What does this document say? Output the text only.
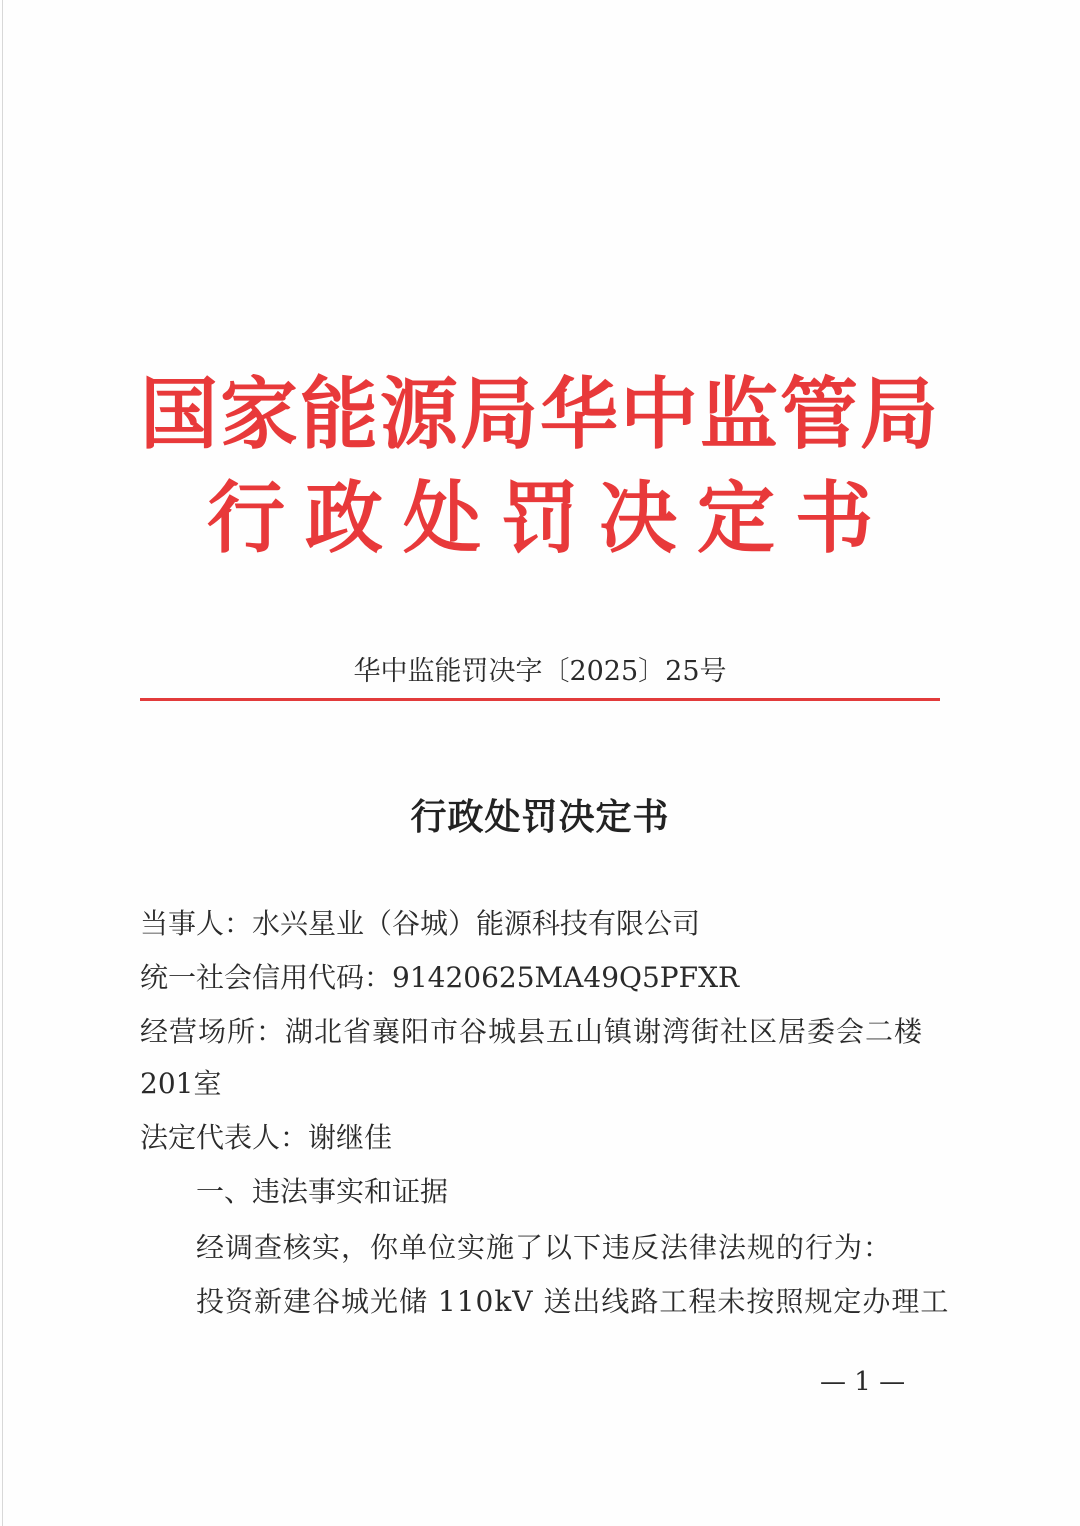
国家能源局华中监管局
行政处罚决定书
华中监能罚决字〔2025〕25号
行政处罚决定书
当事人：水兴星业（谷城）能源科技有限公司
统一社会信用代码：91420625MA49Q5PFXR
经营场所：湖北省襄阳市谷城县五山镇谢湾街社区居委会二楼
201室
法定代表人：谢继佳
一、违法事实和证据
经调查核实，你单位实施了以下违反法律法规的行为：
投资新建谷城光储 110kV 送出线路工程未按照规定办理工
— 1 —
